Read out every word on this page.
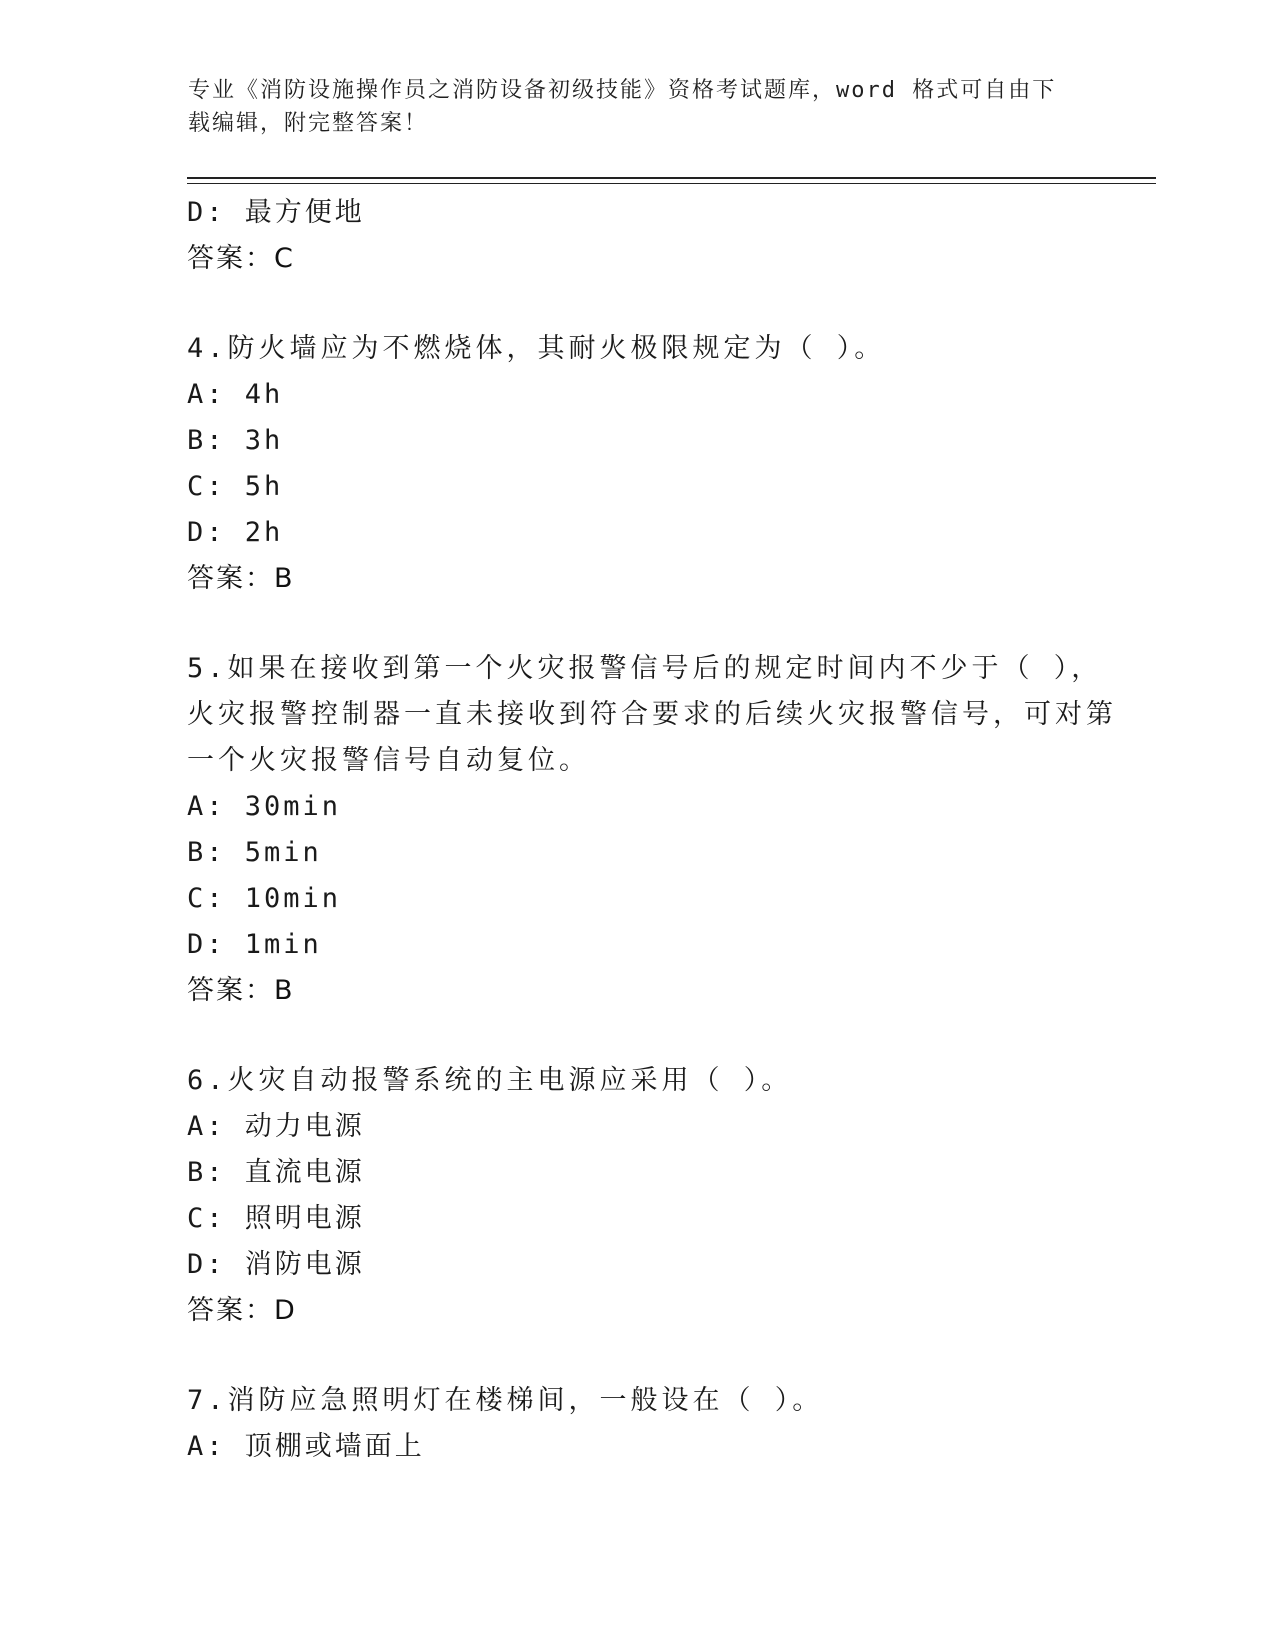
专业《消防设施操作员之消防设备初级技能》资格考试题库，word 格式可自由下
载编辑，附完整答案！
D: 最方便地
答案：C
4.防火墙应为不燃烧体，其耐火极限规定为（ ）。
A: 4h
B: 3h
C: 5h
D: 2h
答案：B
5.如果在接收到第一个火灾报警信号后的规定时间内不少于（ ），
火灾报警控制器一直未接收到符合要求的后续火灾报警信号，可对第
一个火灾报警信号自动复位。
A: 30min
B: 5min
C: 10min
D: 1min
答案：B
6.火灾自动报警系统的主电源应采用（ ）。
A: 动力电源
B: 直流电源
C: 照明电源
D: 消防电源
答案：D
7.消防应急照明灯在楼梯间，一般设在（ ）。
A: 顶棚或墙面上
